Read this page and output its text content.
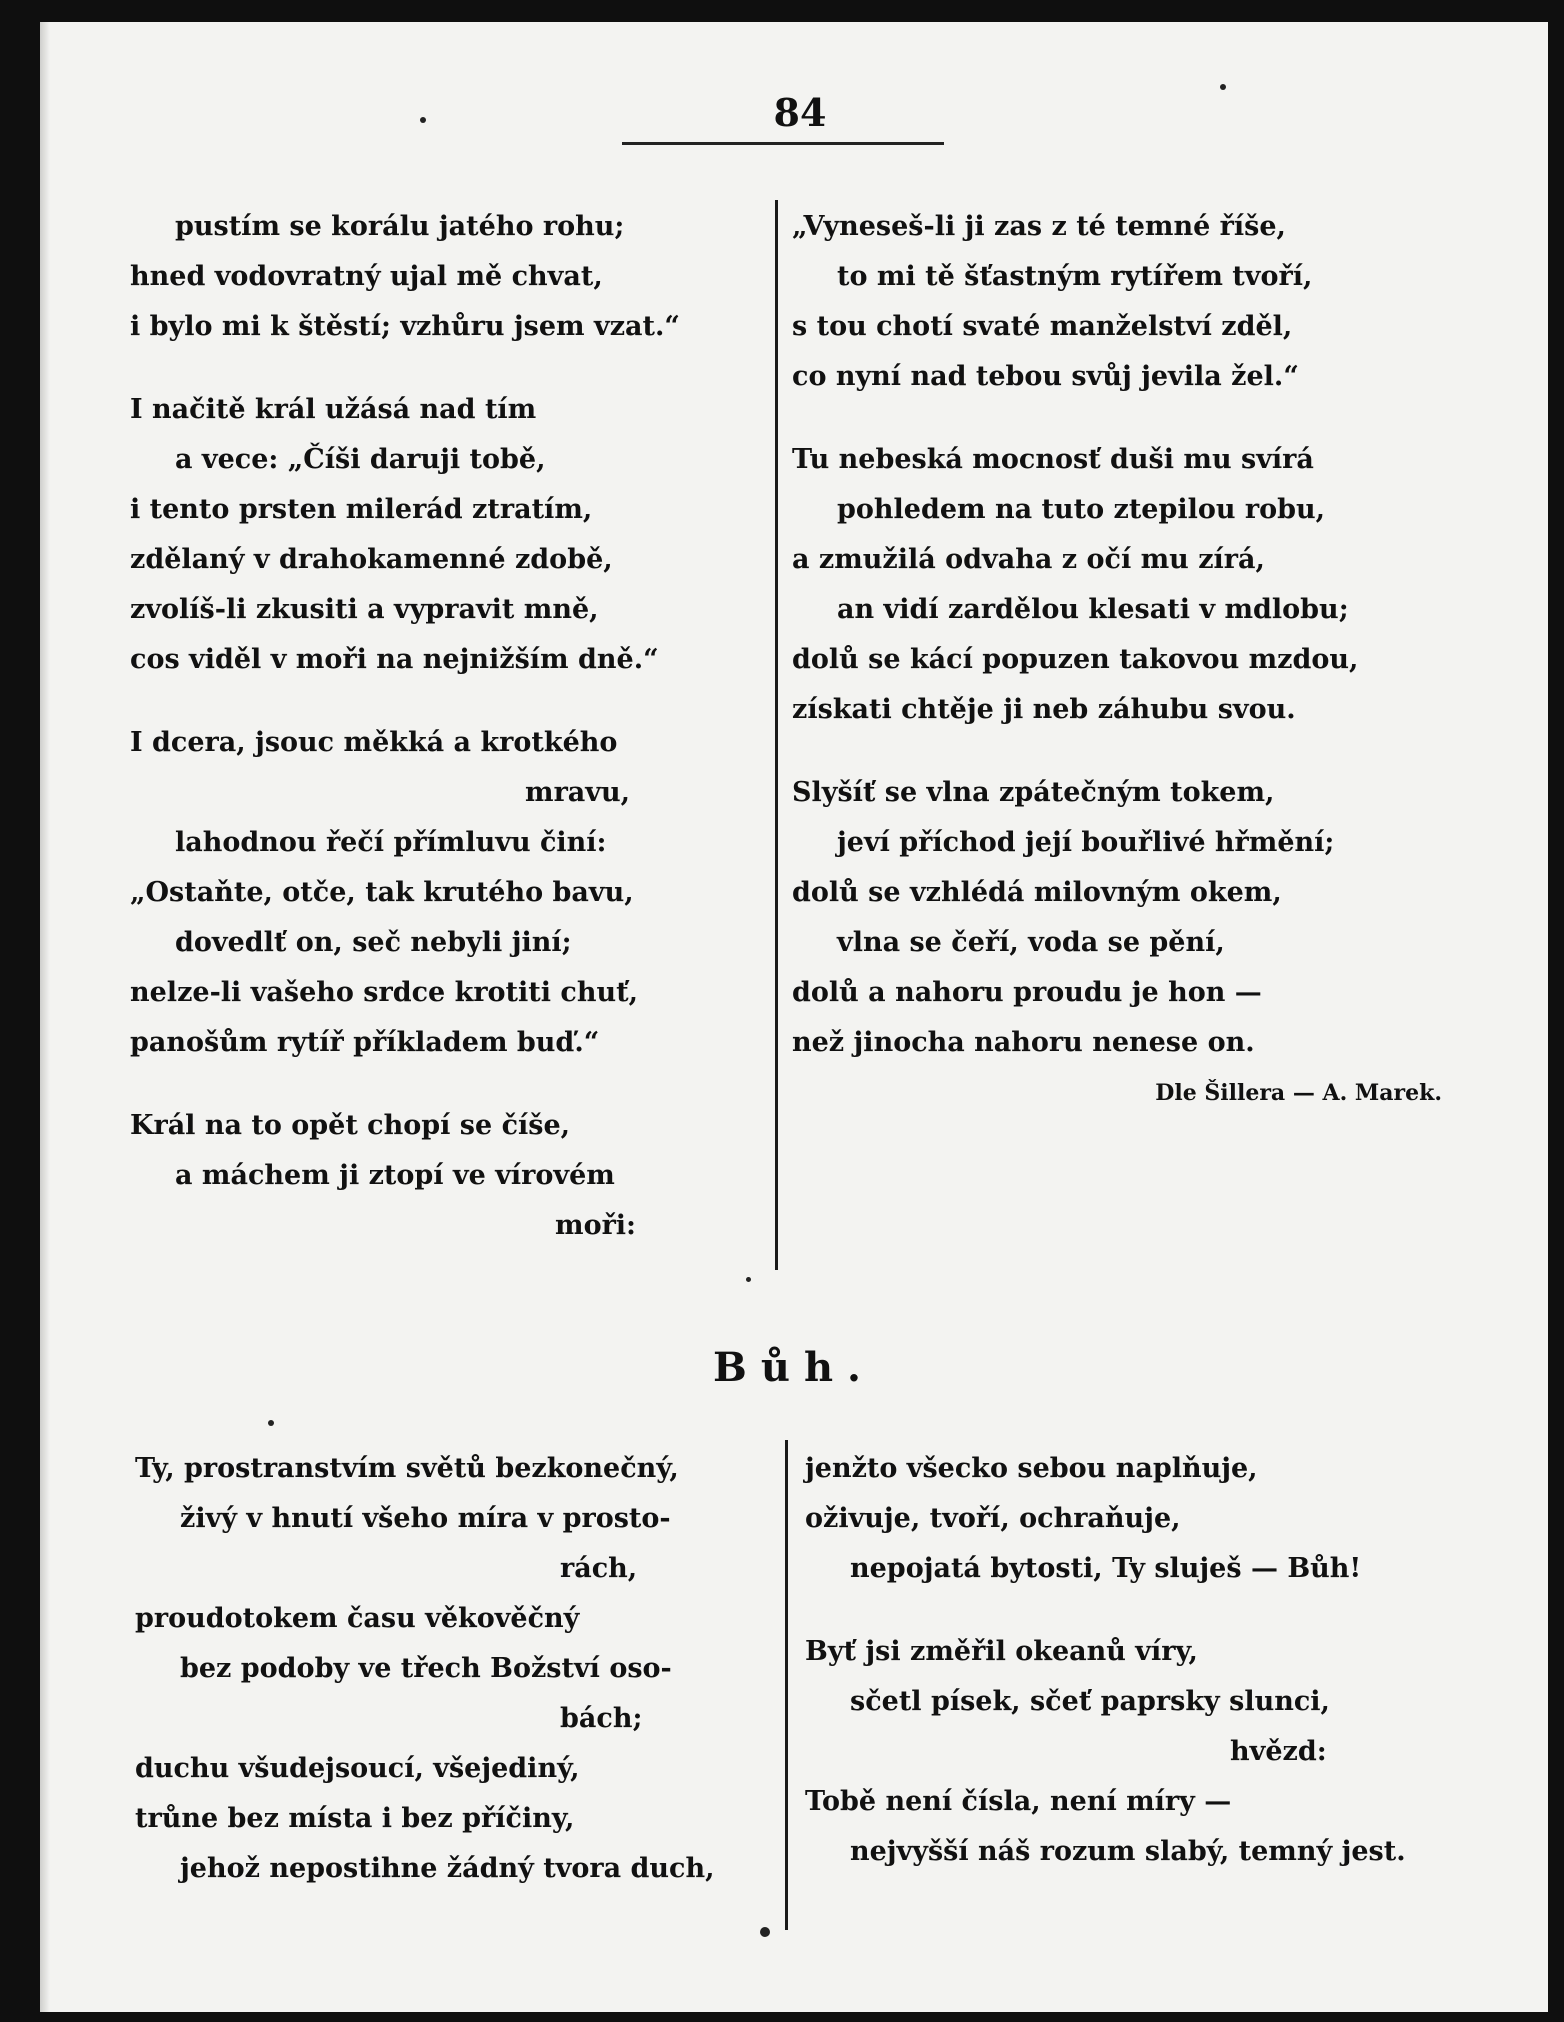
84
pustím se korálu jatého rohu;
hned vodovratný ujal mě chvat,
i bylo mi k štěstí; vzhůru jsem vzat.“
I načitě král užásá nad tím
a vece: „Číši daruji tobě,
i tento prsten milerád ztratím,
zdělaný v drahokamenné zdobě,
zvolíš-li zkusiti a vypravit mně,
cos viděl v moři na nejnižším dně.“
I dcera, jsouc měkká a krotkého
mravu,
lahodnou řečí přímluvu činí:
„Ostaňte, otče, tak krutého bavu,
dovedlť on, seč nebyli jiní;
nelze-li vašeho srdce krotiti chuť,
panošům rytíř příkladem buď.“
Král na to opět chopí se číše,
a máchem ji ztopí ve vírovém
moři:
„Vyneseš-li ji zas z té temné říše,
to mi tě šťastným rytířem tvoří,
s tou chotí svaté manželství zděl,
co nyní nad tebou svůj jevila žel.“
Tu nebeská mocnosť duši mu svírá
pohledem na tuto ztepilou robu,
a zmužilá odvaha z očí mu zírá,
an vidí zardělou klesati v mdlobu;
dolů se kácí popuzen takovou mzdou,
získati chtěje ji neb záhubu svou.
Slyšíť se vlna zpátečným tokem,
jeví příchod její bouřlivé hřmění;
dolů se vzhlédá milovným okem,
vlna se čeří, voda se pění,
dolů a nahoru proudu je hon —
než jinocha nahoru nenese on.
Dle Šillera — A. Marek.
Bůh.
Ty, prostranstvím světů bezkonečný,
živý v hnutí všeho míra v prosto-
rách,
proudotokem času věkověčný
bez podoby ve třech Božství oso-
bách;
duchu všudejsoucí, všejediný,
trůne bez místa i bez příčiny,
jehož nepostihne žádný tvora duch,
jenžto všecko sebou naplňuje,
oživuje, tvoří, ochraňuje,
nepojatá bytosti, Ty sluješ — Bůh!
Byť jsi změřil okeanů víry,
sčetl písek, sčeť paprsky slunci,
hvězd:
Tobě není čísla, není míry —
nejvyšší náš rozum slabý, temný jest.
